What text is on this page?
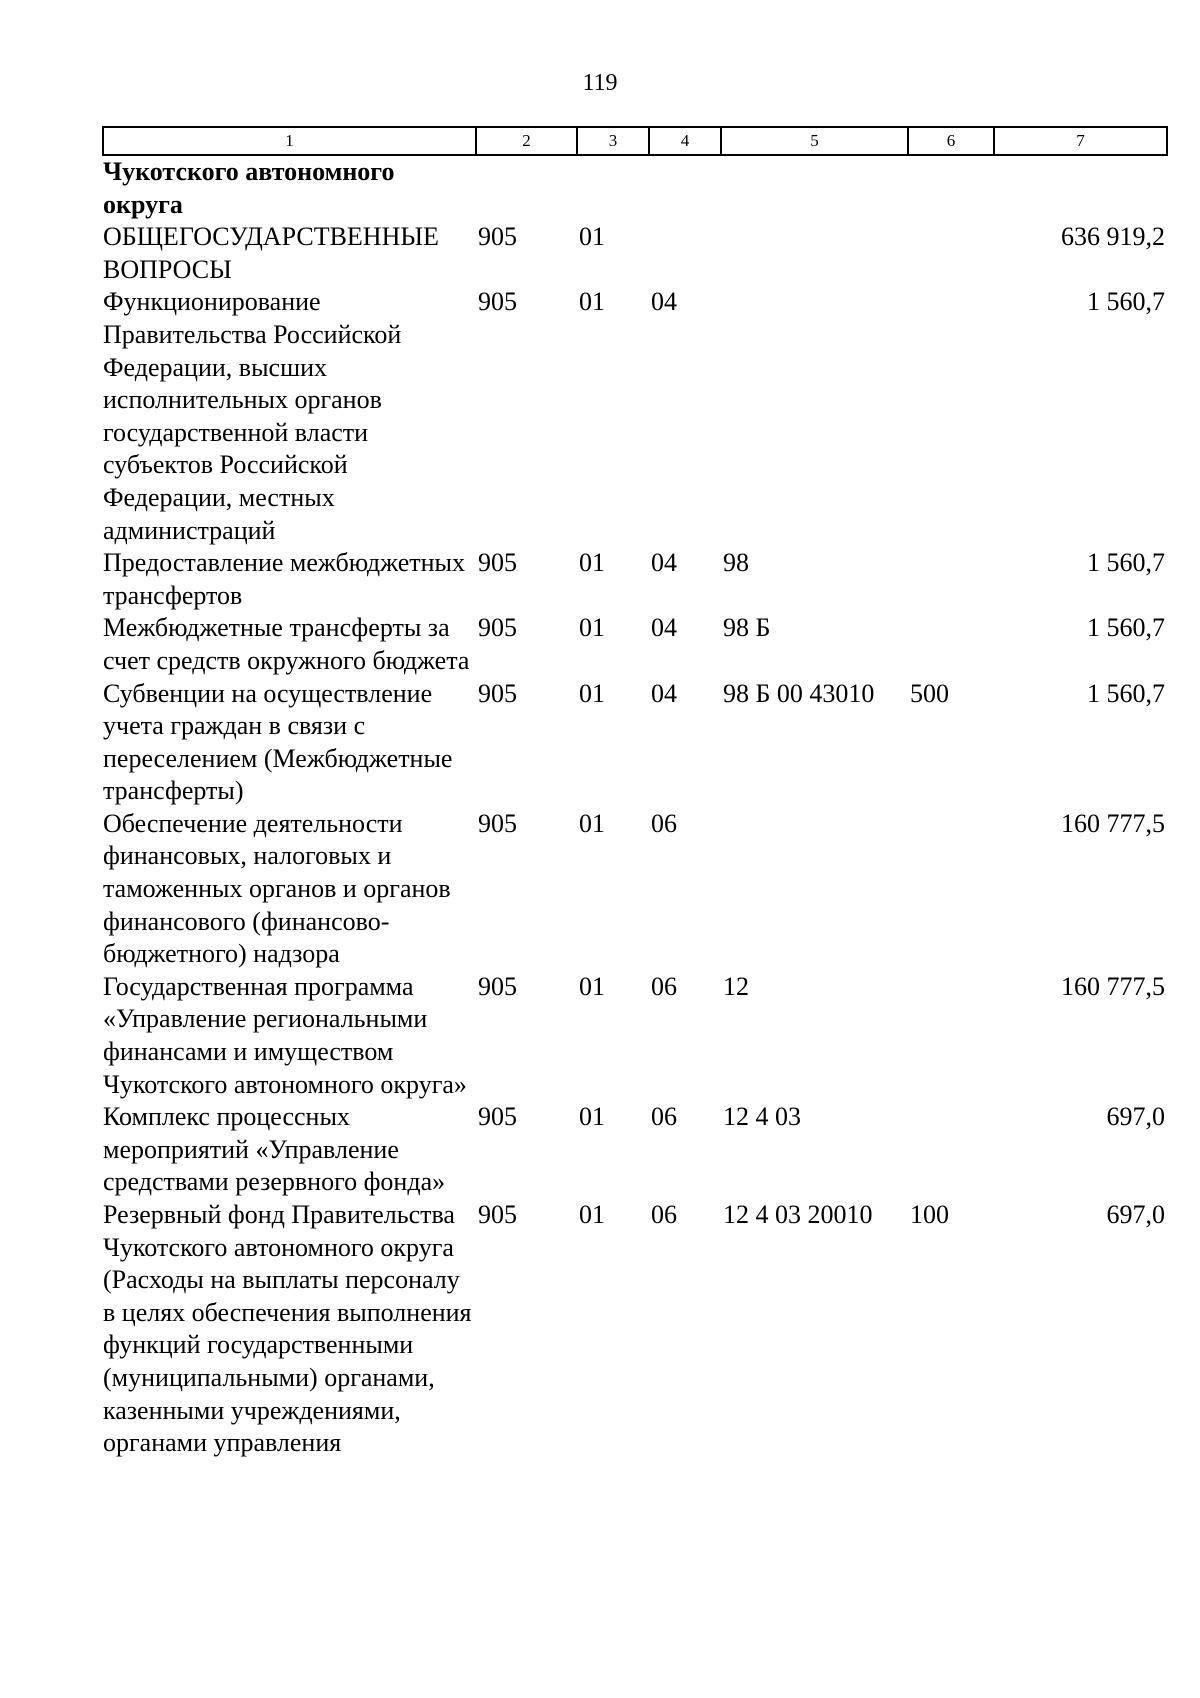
119
1	2	3	4	5	6	7
Чукотского автономного округа						
ОБЩЕГОСУДАРСТВЕННЫЕ ВОПРОСЫ	905	01				636 919,2
Функционирование Правительства Российской Федерации, высших исполнительных органов государственной власти субъектов Российской Федерации, местных администраций	905	01	04			1 560,7
Предоставление межбюджетных трансфертов	905	01	04	98		1 560,7
Межбюджетные трансферты за счет средств окружного бюджета	905	01	04	98 Б		1 560,7
Субвенции на осуществление учета граждан в связи с переселением (Межбюджетные трансферты)	905	01	04	98 Б 00 43010	500	1 560,7
Обеспечение деятельности финансовых, налоговых и таможенных органов и органов финансового (финансово-бюджетного) надзора	905	01	06			160 777,5
Государственная программа «Управление региональными финансами и имуществом Чукотского автономного округа»	905	01	06	12		160 777,5
Комплекс процессных мероприятий «Управление средствами резервного фонда»	905	01	06	12 4 03		697,0
Резервный фонд Правительства Чукотского автономного округа (Расходы на выплаты персоналу в целях обеспечения выполнения функций государственными (муниципальными) органами, казенными учреждениями, органами управления	905	01	06	12 4 03 20010	100	697,0
